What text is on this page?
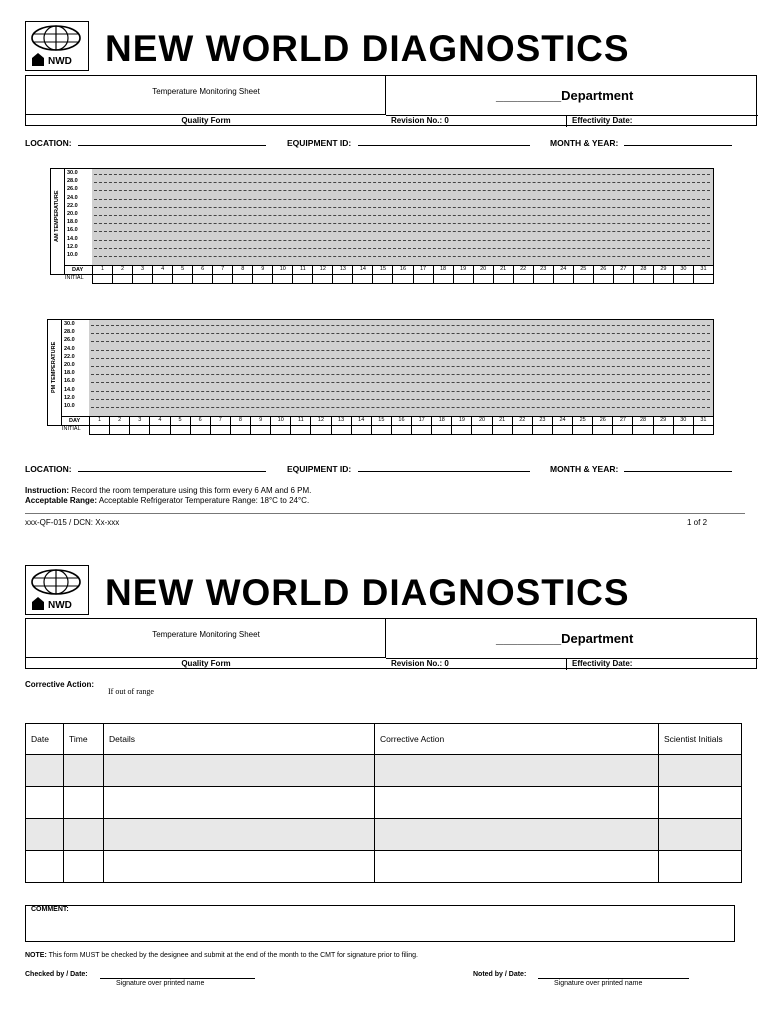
NWD NEW WORLD DIAGNOSTICS
Temperature Monitoring Sheet	_________Department
Quality Form	Revision No.: 0	Effectivity Date:
LOCATION:	EQUIPMENT ID:	MONTH & YEAR:
AM TEMPERATURE
30.0
28.0
26.0
24.0
22.0
20.0
18.0
16.0
14.0
12.0
10.0
DAY	1	2	3	4	5	6	7	8	9	10	11	12	13	14	15	16	17	18	19	20	21	22	23	24	25	26	27	28	29	30	31
INITIAL
PM TEMPERATURE
30.0
28.0
26.0
24.0
22.0
20.0
18.0
16.0
14.0
12.0
10.0
DAY	1	2	3	4	5	6	7	8	9	10	11	12	13	14	15	16	17	18	19	20	21	22	23	24	25	26	27	28	29	30	31
INITIAL
LOCATION:	EQUIPMENT ID:	MONTH & YEAR:
Instruction: Record the room temperature using this form every 6 AM and 6 PM.
Acceptable Range: Acceptable Refrigerator Temperature Range: 18°C to 24°C.
xxx-QF-015 / DCN: Xx-xxx	1 of 2
NWD NEW WORLD DIAGNOSTICS
Temperature Monitoring Sheet	_________Department
Quality Form	Revision No.: 0	Effectivity Date:
Corrective Action:
If out of range
Date	Time	Details	Corrective Action	Scientist Initials

COMMENT:
NOTE: This form MUST be checked by the designee and submit at the end of the month to the CMT for signature prior to filing.
Checked by / Date:
Signature over printed name
Noted by / Date:
Signature over printed name
